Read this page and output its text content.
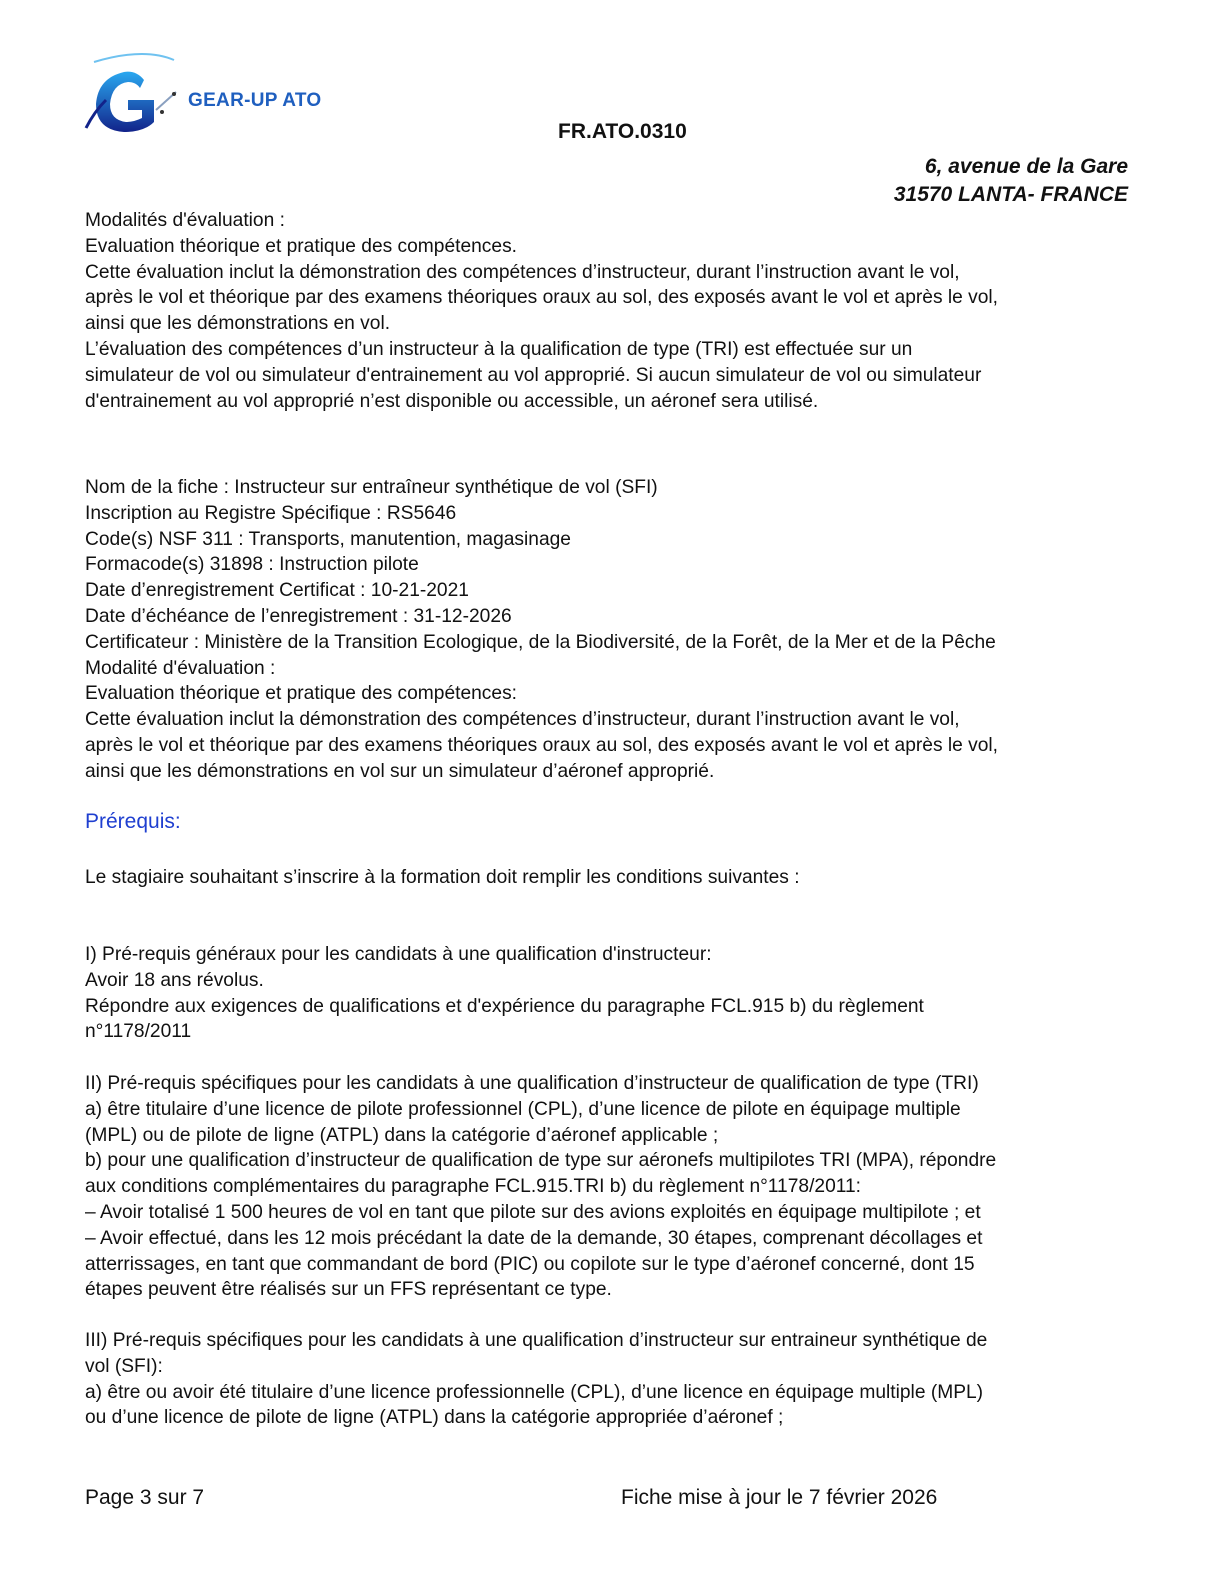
GEAR-UP ATO
FR.ATO.0310
6, avenue de la Gare
31570 LANTA- FRANCE
Modalités d'évaluation :
Evaluation théorique et pratique des compétences.
Cette évaluation inclut la démonstration des compétences d’instructeur, durant l’instruction avant le vol,
après le vol et théorique par des examens théoriques oraux au sol, des exposés avant le vol et après le vol,
ainsi que les démonstrations en vol.
L’évaluation des compétences d’un instructeur à la qualification de type (TRI) est effectuée sur un
simulateur de vol ou simulateur d'entrainement au vol approprié. Si aucun simulateur de vol ou simulateur
d'entrainement au vol approprié n’est disponible ou accessible, un aéronef sera utilisé.
Nom de la fiche : Instructeur sur entraîneur synthétique de vol (SFI)
Inscription au Registre Spécifique : RS5646
Code(s) NSF 311 : Transports, manutention, magasinage
Formacode(s) 31898 : Instruction pilote
Date d’enregistrement Certificat : 10-21-2021
Date d’échéance de l’enregistrement : 31-12-2026
Certificateur : Ministère de la Transition Ecologique, de la Biodiversité, de la Forêt, de la Mer et de la Pêche
Modalité d'évaluation :
Evaluation théorique et pratique des compétences:
Cette évaluation inclut la démonstration des compétences d’instructeur, durant l’instruction avant le vol,
après le vol et théorique par des examens théoriques oraux au sol, des exposés avant le vol et après le vol,
ainsi que les démonstrations en vol sur un simulateur d’aéronef approprié.
Prérequis:
Le stagiaire souhaitant s’inscrire à la formation doit remplir les conditions suivantes :
I) Pré-requis généraux pour les candidats à une qualification d'instructeur:
Avoir 18 ans révolus.
Répondre aux exigences de qualifications et d'expérience du paragraphe FCL.915 b) du règlement
n°1178/2011
II) Pré-requis spécifiques pour les candidats à une qualification d’instructeur de qualification de type (TRI)
a) être titulaire d’une licence de pilote professionnel (CPL), d’une licence de pilote en équipage multiple
(MPL) ou de pilote de ligne (ATPL) dans la catégorie d’aéronef applicable ;
b) pour une qualification d’instructeur de qualification de type sur aéronefs multipilotes TRI (MPA), répondre
aux conditions complémentaires du paragraphe FCL.915.TRI b) du règlement n°1178/2011:
– Avoir totalisé 1 500 heures de vol en tant que pilote sur des avions exploités en équipage multipilote ; et
– Avoir effectué, dans les 12 mois précédant la date de la demande, 30 étapes, comprenant décollages et
atterrissages, en tant que commandant de bord (PIC) ou copilote sur le type d’aéronef concerné, dont 15
étapes peuvent être réalisés sur un FFS représentant ce type.
III) Pré-requis spécifiques pour les candidats à une qualification d’instructeur sur entraineur synthétique de
vol (SFI):
a) être ou avoir été titulaire d’une licence professionnelle (CPL), d’une licence en équipage multiple (MPL)
ou d’une licence de pilote de ligne (ATPL) dans la catégorie appropriée d’aéronef ;
Page 3 sur 7	Fiche mise à jour le 7 février 2026
